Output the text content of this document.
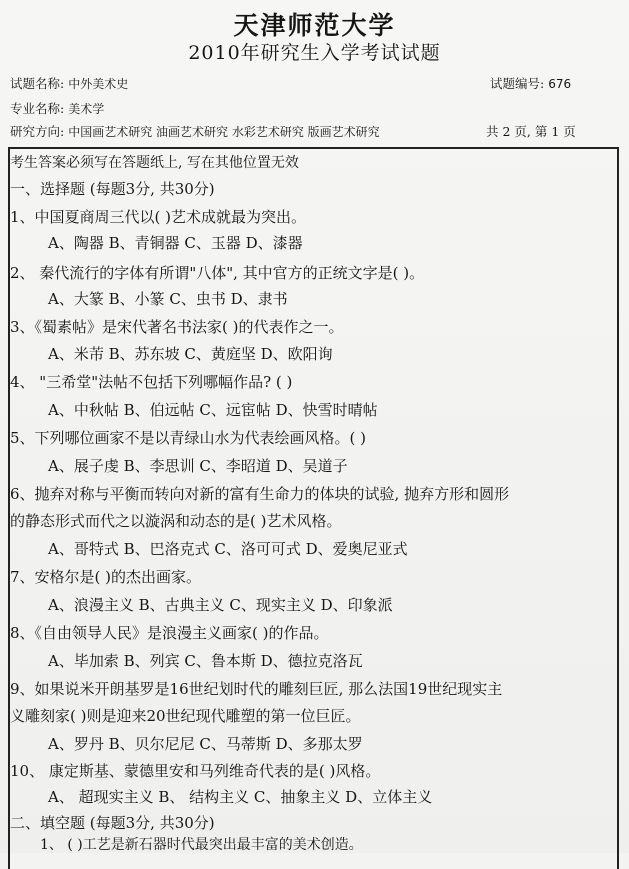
天津师范大学
2010年研究生入学考试试题
试题名称: 中外美术史	试题编号: 676
专业名称: 美术学
研究方向: 中国画艺术研究 油画艺术研究 水彩艺术研究 版画艺术研究	共 2 页, 第 1 页
考生答案必须写在答题纸上, 写在其他位置无效
一、选择题 (每题3分, 共30分)
1、中国夏商周三代以( )艺术成就最为突出。
A、陶器 B、青铜器 C、玉器 D、漆器
2、 秦代流行的字体有所谓"八体", 其中官方的正统文字是( )。
A、大篆 B、小篆 C、虫书 D、隶书
3、《蜀素帖》是宋代著名书法家( )的代表作之一。
A、米芾 B、苏东坡 C、黄庭坚 D、欧阳询
4、 "三希堂"法帖不包括下列哪幅作品? ( )
A、中秋帖 B、伯远帖 C、远宦帖 D、快雪时晴帖
5、下列哪位画家不是以青绿山水为代表绘画风格。( )
A、展子虔 B、李思训 C、李昭道 D、吴道子
6、抛弃对称与平衡而转向对新的富有生命力的体块的试验, 抛弃方形和圆形
的静态形式而代之以漩涡和动态的是( )艺术风格。
A、哥特式 B、巴洛克式 C、洛可可式 D、爱奥尼亚式
7、安格尔是( )的杰出画家。
A、浪漫主义 B、古典主义 C、现实主义 D、印象派
8、《自由领导人民》是浪漫主义画家( )的作品。
A、毕加索 B、列宾 C、鲁本斯 D、德拉克洛瓦
9、如果说米开朗基罗是16世纪划时代的雕刻巨匠, 那么法国19世纪现实主
义雕刻家( )则是迎来20世纪现代雕塑的第一位巨匠。
A、罗丹 B、贝尔尼尼 C、马蒂斯 D、多那太罗
10、 康定斯基、蒙德里安和马列维奇代表的是( )风格。
A、 超现实主义 B、 结构主义 C、抽象主义 D、立体主义
二、填空题 (每题3分, 共30分)
1、 ( )工艺是新石器时代最突出最丰富的美术创造。
